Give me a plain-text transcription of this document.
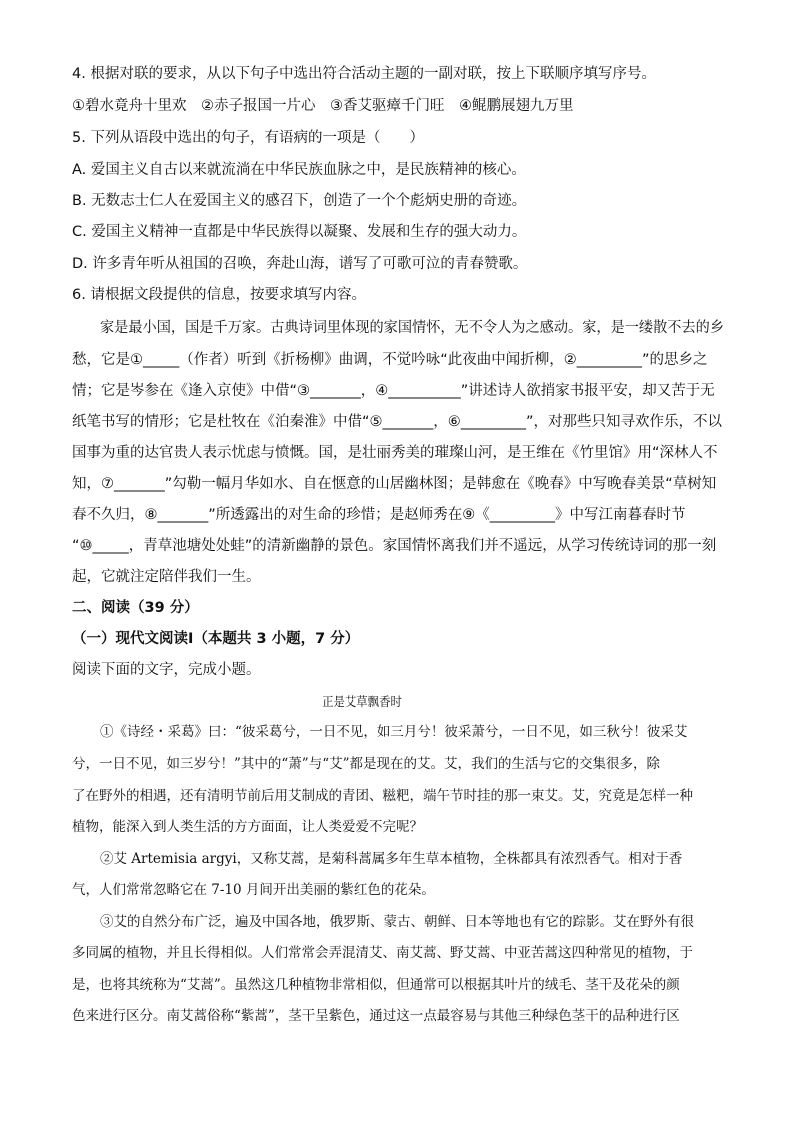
4. 根据对联的要求，从以下句子中选出符合活动主题的一副对联，按上下联顺序填写序号。
①碧水竟舟十里欢　②赤子报国一片心　③香艾驱瘴千门旺　④鲲鹏展翅九万里
5. 下列从语段中选出的句子，有语病的一项是（　　）
A. 爱国主义自古以来就流淌在中华民族血脉之中，是民族精神的核心。
B. 无数志士仁人在爱国主义的感召下，创造了一个个彪炳史册的奇迹。
C. 爱国主义精神一直都是中华民族得以凝聚、发展和生存的强大动力。
D. 许多青年听从祖国的召唤，奔赴山海，谱写了可歌可泣的青春赞歌。
6. 请根据文段提供的信息，按要求填写内容。
家是最小国，国是千万家。古典诗词里体现的家国情怀，无不令人为之感动。家，是一缕散不去的乡
愁，它是①_____（作者）听到《折杨柳》曲调，不觉吟咏“此夜曲中闻折柳，②_________”的思乡之
情；它是岑参在《逢入京使》中借“③_______，④__________”讲述诗人欲捎家书报平安，却又苦于无
纸笔书写的情形；它是杜牧在《泊秦淮》中借“⑤_______，⑥_________”，对那些只知寻欢作乐，不以
国事为重的达官贵人表示忧虑与愤慨。国，是壮丽秀美的璀璨山河，是王维在《竹里馆》用“深林人不
知，⑦_______”勾勒一幅月华如水、自在惬意的山居幽林图；是韩愈在《晚春》中写晚春美景“草树知
春不久归，⑧_______”所透露出的对生命的珍惜；是赵师秀在⑨《_________》中写江南暮春时节
“⑩_____，青草池塘处处蛙”的清新幽静的景色。家国情怀离我们并不遥远，从学习传统诗词的那一刻
起，它就注定陪伴我们一生。
二、阅读（39 分）
（一）现代文阅读Ⅰ（本题共 3 小题，7 分）
阅读下面的文字，完成小题。
正是艾草飘香时
①《诗经・采葛》曰：“彼采葛兮，一日不见，如三月兮！彼采萧兮，一日不见，如三秋兮！彼采艾
兮，一日不见，如三岁兮！”其中的“萧”与“艾”都是现在的艾。艾，我们的生活与它的交集很多，除
了在野外的相遇，还有清明节前后用艾制成的青团、糍粑，端午节时挂的那一束艾。艾，究竟是怎样一种
植物，能深入到人类生活的方方面面，让人类爱爱不完呢？
②艾 Artemisia argyi，又称艾蒿，是菊科蒿属多年生草本植物，全株都具有浓烈香气。相对于香
气，人们常常忽略它在 7-10 月间开出美丽的紫红色的花朵。
③艾的自然分布广泛，遍及中国各地，俄罗斯、蒙古、朝鲜、日本等地也有它的踪影。艾在野外有很
多同属的植物，并且长得相似。人们常常会弄混清艾、南艾蒿、野艾蒿、中亚苦蒿这四种常见的植物，于
是，也将其统称为“艾蒿”。虽然这几种植物非常相似，但通常可以根据其叶片的绒毛、茎干及花朵的颜
色来进行区分。南艾蒿俗称“紫蒿”，茎干呈紫色，通过这一点最容易与其他三种绿色茎干的品种进行区
